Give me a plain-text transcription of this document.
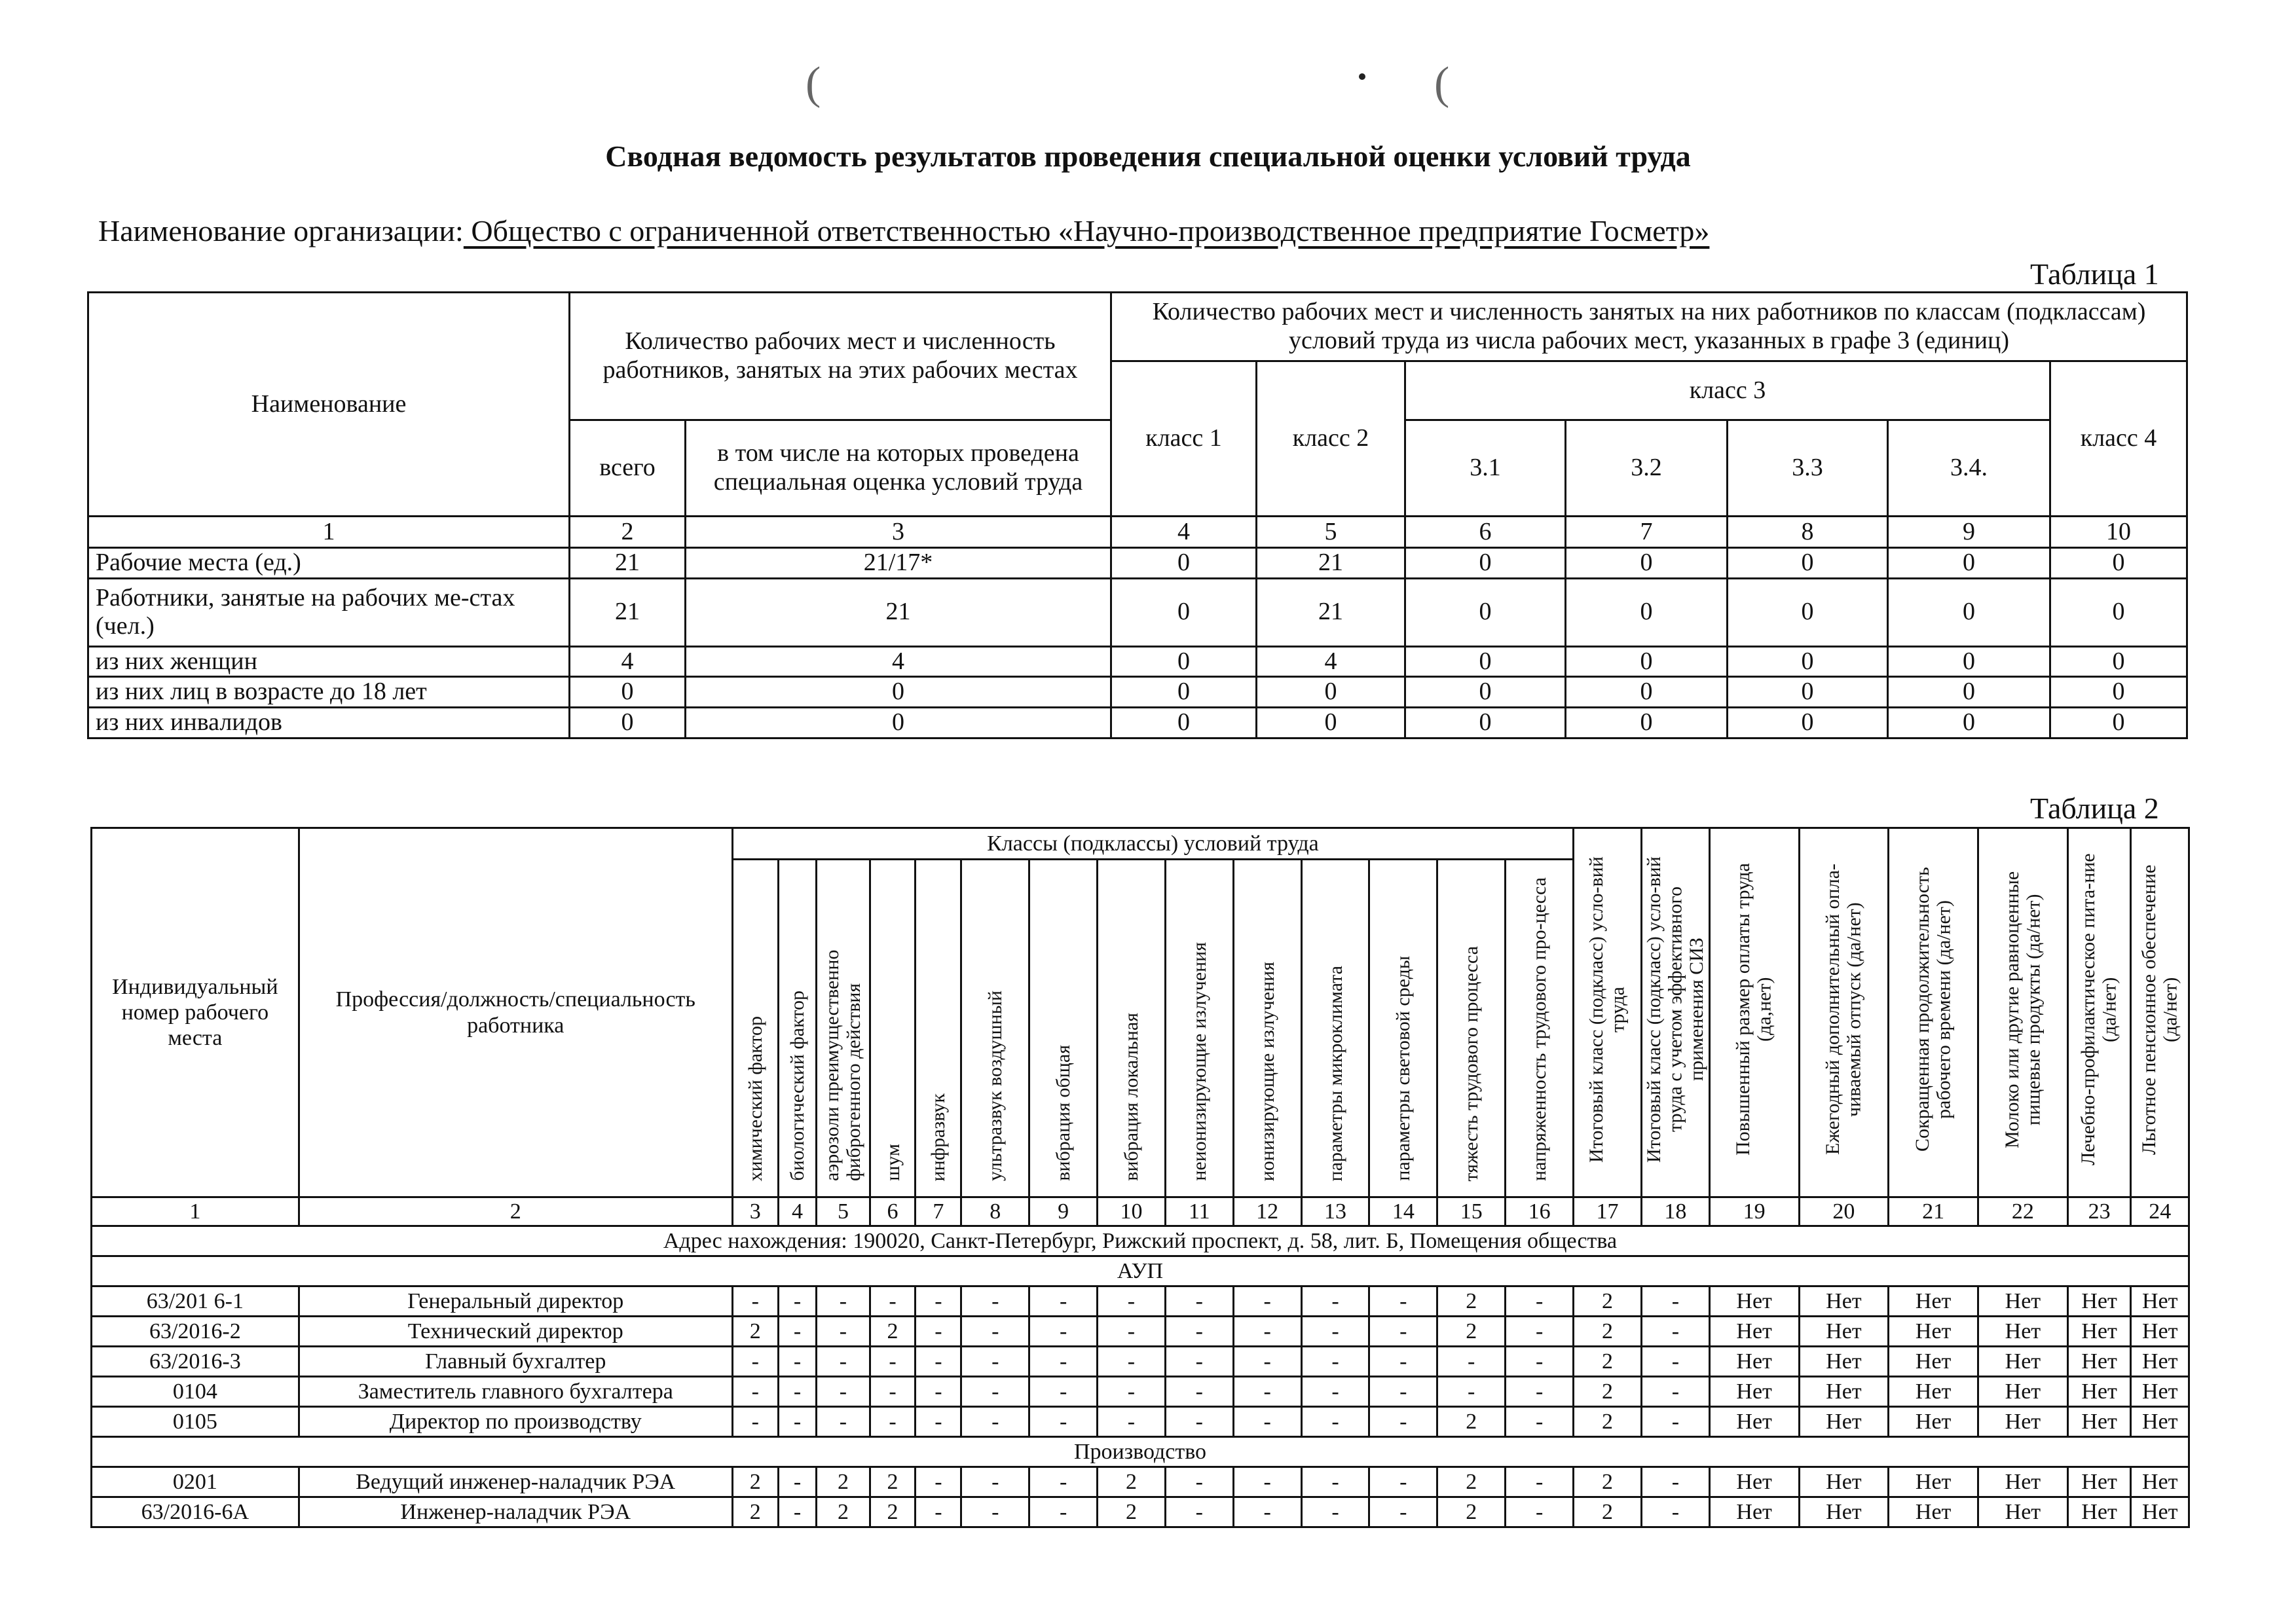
(	(
Сводная ведомость результатов проведения специальной оценки условий труда
Наименование организации: Общество с ограниченной ответственностью «Научно-производственное предприятие Госметр»
Таблица 1
Наименование	Количество рабочих мест и численность работников, занятых на этих рабочих местах		Количество рабочих мест и численность занятых на них работников по классам (подклассам) условий труда из числа рабочих мест, указанных в графе 3 (единиц)						
			класс 1	класс 2	класс 3				класс 4
	всего	в том числе на которых проведена специальная оценка условий труда			3.1	3.2	3.3	3.4.	
1	2	3	4	5	6	7	8	9	10
Рабочие места (ед.)	21	21/17*	0	21	0	0	0	0	0
Работники, занятые на рабочих ме-стах (чел.)	21	21	0	21	0	0	0	0	0
из них женщин	4	4	0	4	0	0	0	0	0
из них лиц в возрасте до 18 лет	0	0	0	0	0	0	0	0	0
из них инвалидов	0	0	0	0	0	0	0	0	0
Таблица 2
Индивидуальный номер рабочего места	Профессия/должность/специальность работника	Классы (подклассы) условий труда														Итоговый класс (подкласс) усло-вий труда	Итоговый класс (подкласс) усло-вий труда с учетом эффективного применения СИЗ	Повышенный размер оплаты труда (да,нет)	Ежегодный дополнительный опла-чиваемый отпуск (да/нет)	Сокращенная продолжительность рабочего времени (да/нет)	Молоко или другие равноценные пищевые продукты (да/нет)	Лечебно-профилактическое пита-ние (да/нет)	Льготное пенсионное обеспечение (да/нет)
		химический фактор	биологический фактор	аэрозоли преимущественно фиброгенного действия	шум	инфразвук	ультразвук воздушный	вибрация общая	вибрация локальная	неионизирующие излучения	ионизирующие излучения	параметры микроклимата	параметры световой среды	тяжесть трудового процесса	напряженность трудового про-цесса								
1	2	3	4	5	6	7	8	9	10	11	12	13	14	15	16	17	18	19	20	21	22	23	24
Адрес нахождения: 190020, Санкт-Петербург, Рижский проспект, д. 58, лит. Б, Помещения общества																							
АУП																							
63/201 6-1	Генеральный директор	-	-	-	-	-	-	-	-	-	-	-	-	2	-	2	-	Нет	Нет	Нет	Нет	Нет	Нет
63/2016-2	Технический директор	2	-	-	2	-	-	-	-	-	-	-	-	2	-	2	-	Нет	Нет	Нет	Нет	Нет	Нет
63/2016-3	Главный бухгалтер	-	-	-	-	-	-	-	-	-	-	-	-	-	-	2	-	Нет	Нет	Нет	Нет	Нет	Нет
0104	Заместитель главного бухгалтера	-	-	-	-	-	-	-	-	-	-	-	-	-	-	2	-	Нет	Нет	Нет	Нет	Нет	Нет
0105	Директор по производству	-	-	-	-	-	-	-	-	-	-	-	-	2	-	2	-	Нет	Нет	Нет	Нет	Нет	Нет
Производство																							
0201	Ведущий инженер-наладчик РЭА	2	-	2	2	-	-	-	2	-	-	-	-	2	-	2	-	Нет	Нет	Нет	Нет	Нет	Нет
63/2016-6А	Инженер-наладчик РЭА	2	-	2	2	-	-	-	2	-	-	-	-	2	-	2	-	Нет	Нет	Нет	Нет	Нет	Нет
